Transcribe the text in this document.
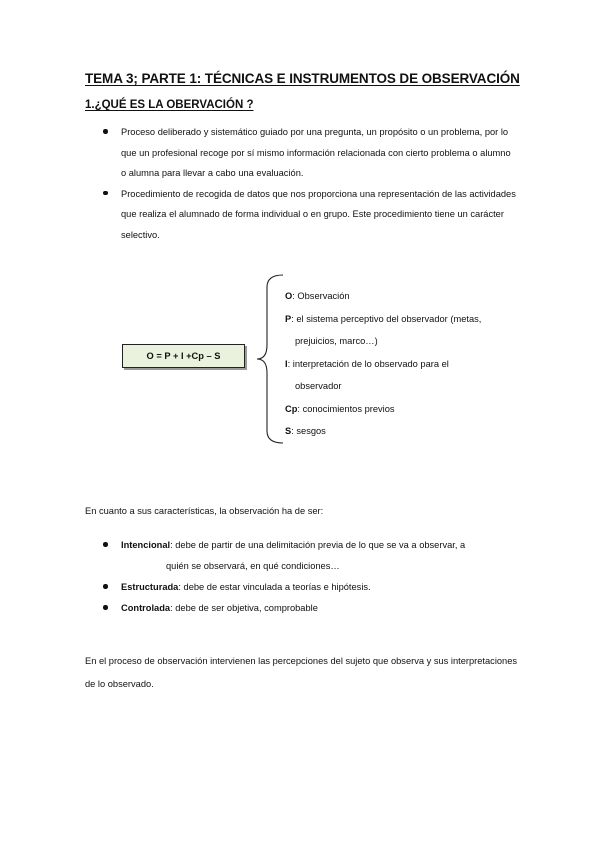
TEMA 3; PARTE 1: TÉCNICAS E INSTRUMENTOS DE OBSERVACIÓN
1.¿QUÉ ES LA OBERVACIÓN ?
Proceso deliberado y sistemático guiado por una pregunta, un propósito o un problema, por lo que un profesional recoge por sí mismo información relacionada con cierto problema o alumno o alumna para llevar a cabo una evaluación.
Procedimiento de recogida de datos que nos proporciona una representación de las actividades que realiza el alumnado de forma individual o en grupo. Este procedimiento tiene un carácter selectivo.
O = P + I +Cp – S

O: Observación

P: el sistema perceptivo del observador (metas,

prejuicios, marco…)

I: interpretación de lo observado para el

observador

Cp: conocimientos previos

S: sesgos

En cuanto a sus características, la observación ha de ser:

Intencional: debe de partir de una delimitación previa de lo que se va a observar, a
quién se observará, en qué condiciones…
Estructurada: debe de estar vinculada a teorías e hipótesis.
Controlada: debe de ser objetiva, comprobable

En el proceso de observación intervienen las percepciones del sujeto que observa y sus interpretaciones de lo observado.
